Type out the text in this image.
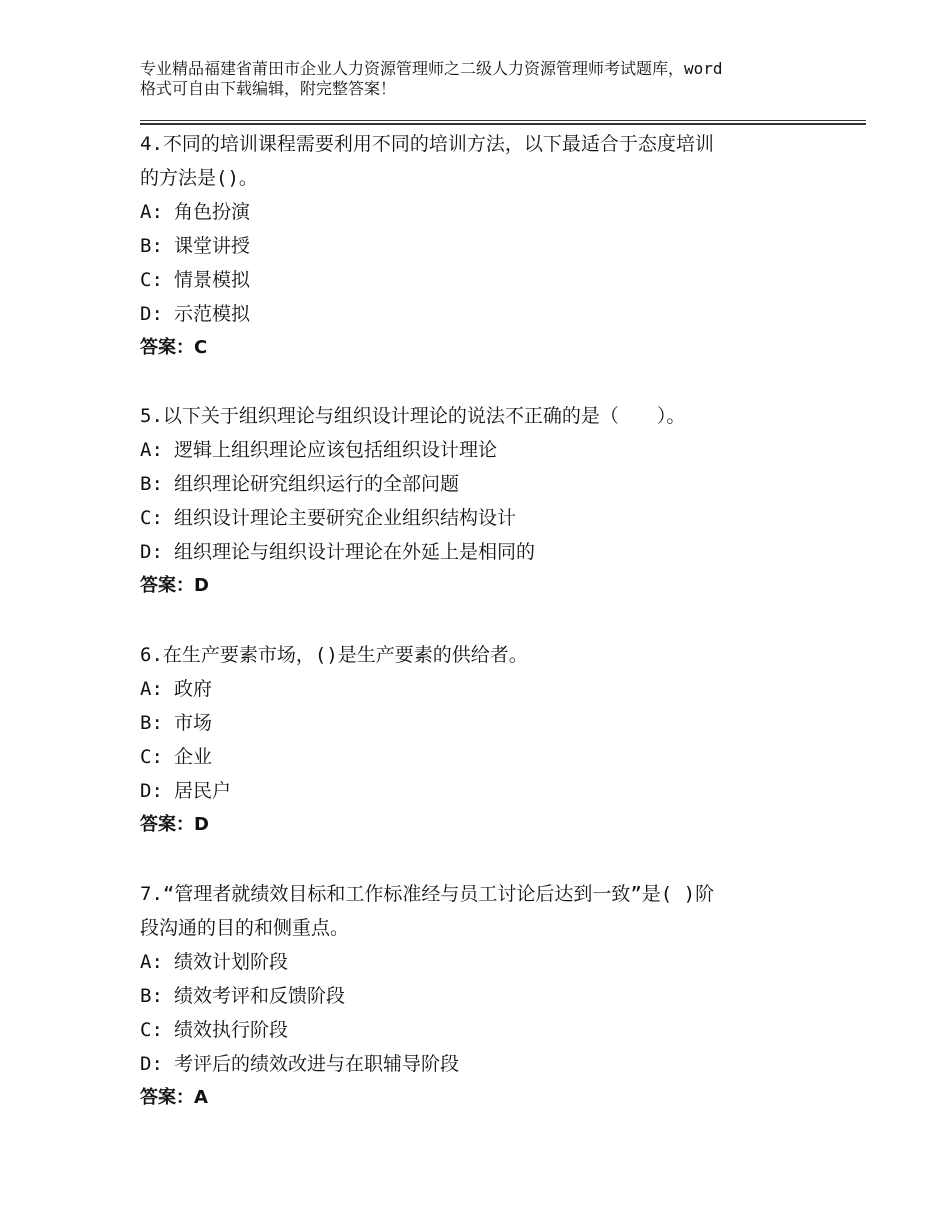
专业精品福建省莆田市企业人力资源管理师之二级人力资源管理师考试题库，word
格式可自由下载编辑，附完整答案！
4.不同的培训课程需要利用不同的培训方法，以下最适合于态度培训
的方法是()。
A: 角色扮演
B: 课堂讲授
C: 情景模拟
D: 示范模拟
答案：C
5.以下关于组织理论与组织设计理论的说法不正确的是（　　）。
A: 逻辑上组织理论应该包括组织设计理论
B: 组织理论研究组织运行的全部问题
C: 组织设计理论主要研究企业组织结构设计
D: 组织理论与组织设计理论在外延上是相同的
答案：D
6.在生产要素市场，()是生产要素的供给者。
A: 政府
B: 市场
C: 企业
D: 居民户
答案：D
7.“管理者就绩效目标和工作标准经与员工讨论后达到一致”是( )阶
段沟通的目的和侧重点。
A: 绩效计划阶段
B: 绩效考评和反馈阶段
C: 绩效执行阶段
D: 考评后的绩效改进与在职辅导阶段
答案：A
